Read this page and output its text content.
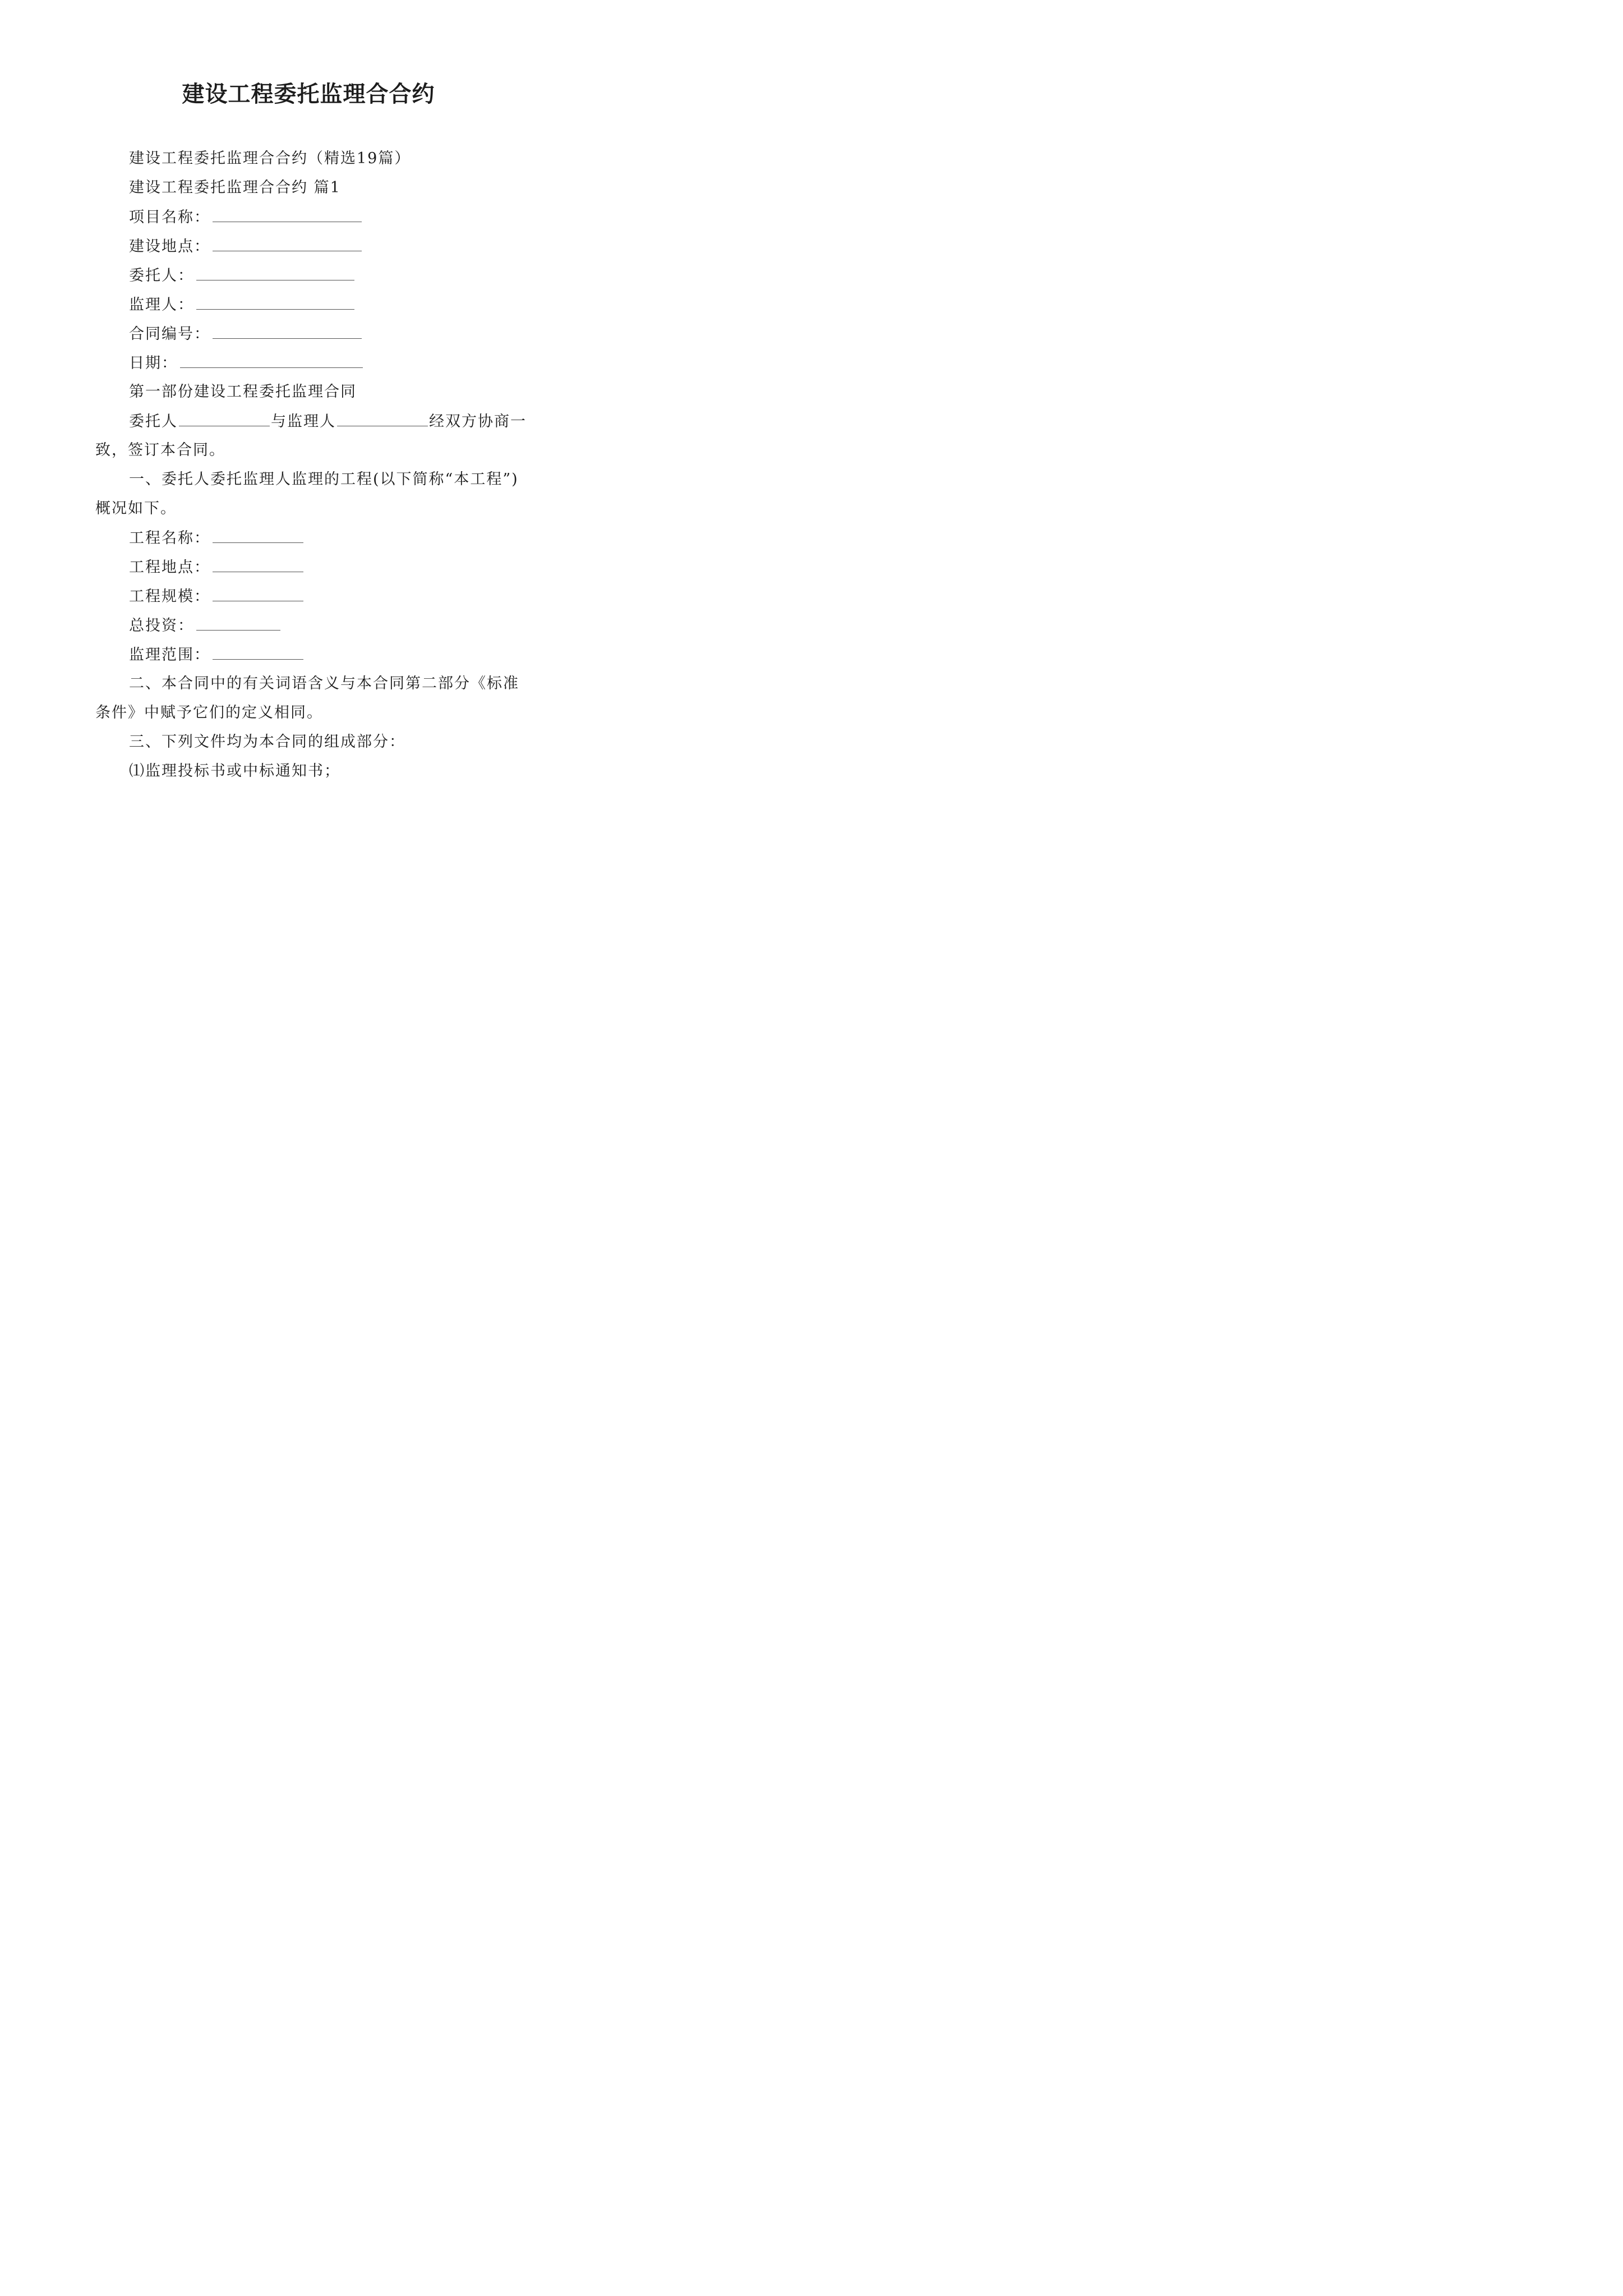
建设工程委托监理合合约
建设工程委托监理合合约（精选19篇）
建设工程委托监理合合约 篇1
项目名称：
建设地点：
委托人：
监理人：
合同编号：
日期：
第一部份建设工程委托监理合同
委托人	与监理人	经双方协商一
致，签订本合同。
一、委托人委托监理人监理的工程(以下简称“本工程”)
概况如下。
工程名称：
工程地点：
工程规模：
总投资：
监理范围：
二、本合同中的有关词语含义与本合同第二部分《标准
条件》中赋予它们的定义相同。
三、下列文件均为本合同的组成部分：
⑴监理投标书或中标通知书；
